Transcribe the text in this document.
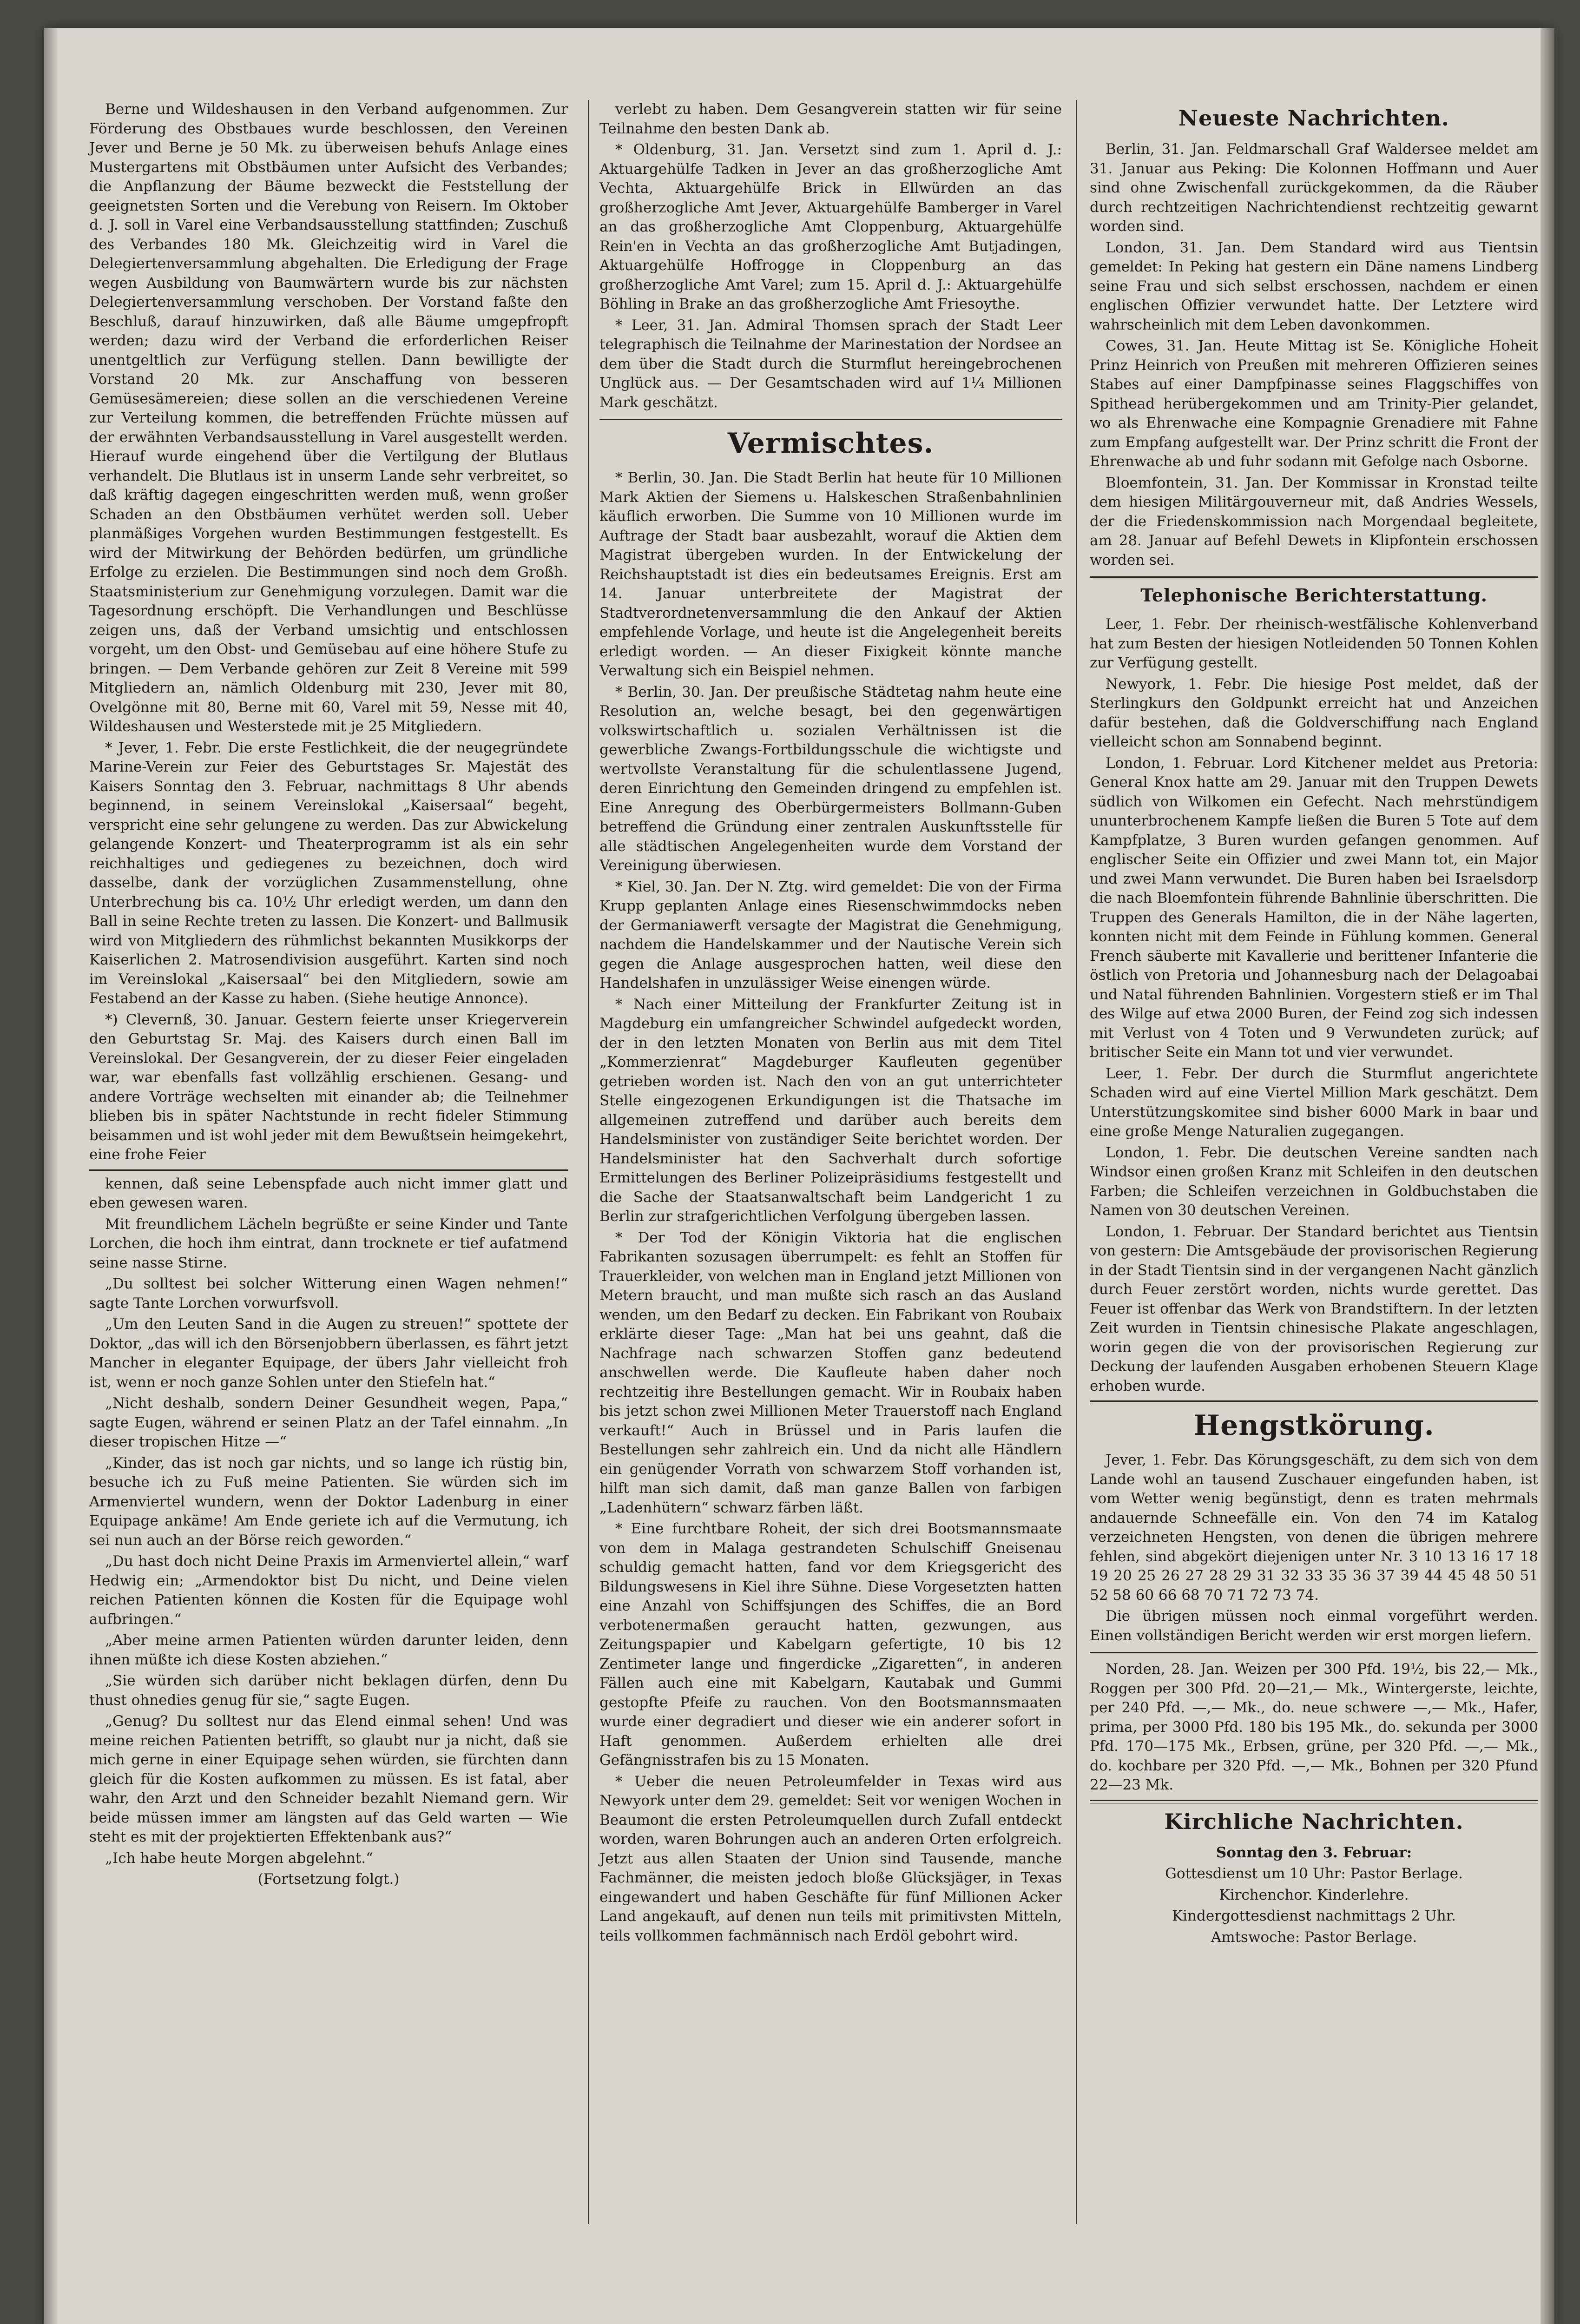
Berne und Wildeshausen in den Verband aufgenommen. Zur Förderung des Obstbaues wurde beschlossen, den Vereinen Jever und Berne je 50 Mk. zu überweisen behufs Anlage eines Mustergartens mit Obstbäumen unter Aufsicht des Verbandes; die Anpflanzung der Bäume bezweckt die Feststellung der geeignetsten Sorten und die Verebung von Reisern. Im Oktober d. J. soll in Varel eine Verbandsausstellung stattfinden; Zuschuß des Verbandes 180 Mk. Gleichzeitig wird in Varel die Delegiertenversammlung abgehalten. Die Erledigung der Frage wegen Ausbildung von Baumwärtern wurde bis zur nächsten Delegiertenversammlung verschoben. Der Vorstand faßte den Beschluß, darauf hinzuwirken, daß alle Bäume umgepfropft werden; dazu wird der Verband die erforderlichen Reiser unentgeltlich zur Verfügung stellen. Dann bewilligte der Vorstand 20 Mk. zur Anschaffung von besseren Gemüsesämereien; diese sollen an die verschiedenen Vereine zur Verteilung kommen, die betreffenden Früchte müssen auf der erwähnten Verbandsausstellung in Varel ausgestellt werden. Hierauf wurde eingehend über die Vertilgung der Blutlaus verhandelt. Die Blutlaus ist in unserm Lande sehr verbreitet, so daß kräftig dagegen eingeschritten werden muß, wenn großer Schaden an den Obstbäumen verhütet werden soll. Ueber planmäßiges Vorgehen wurden Bestimmungen festgestellt. Es wird der Mitwirkung der Behörden bedürfen, um gründliche Erfolge zu erzielen. Die Bestimmungen sind noch dem Großh. Staatsministerium zur Genehmigung vorzulegen. Damit war die Tagesordnung erschöpft. Die Verhandlungen und Beschlüsse zeigen uns, daß der Verband umsichtig und entschlossen vorgeht, um den Obst- und Gemüsebau auf eine höhere Stufe zu bringen. — Dem Verbande gehören zur Zeit 8 Vereine mit 599 Mitgliedern an, nämlich Oldenburg mit 230, Jever mit 80, Ovelgönne mit 80, Berne mit 60, Varel mit 59, Nesse mit 40, Wildeshausen und Westerstede mit je 25 Mitgliedern.

* Jever, 1. Febr. Die erste Festlichkeit, die der neugegründete Marine-Verein zur Feier des Geburtstages Sr. Majestät des Kaisers Sonntag den 3. Februar, nachmittags 8 Uhr abends beginnend, in seinem Vereinslokal „Kaisersaal“ begeht, verspricht eine sehr gelungene zu werden. Das zur Abwickelung gelangende Konzert- und Theaterprogramm ist als ein sehr reichhaltiges und gediegenes zu bezeichnen, doch wird dasselbe, dank der vorzüglichen Zusammenstellung, ohne Unterbrechung bis ca. 10½ Uhr erledigt werden, um dann den Ball in seine Rechte treten zu lassen. Die Konzert- und Ballmusik wird von Mitgliedern des rühmlichst bekannten Musikkorps der Kaiserlichen 2. Matrosendivision ausgeführt. Karten sind noch im Vereinslokal „Kaisersaal“ bei den Mitgliedern, sowie am Festabend an der Kasse zu haben. (Siehe heutige Annonce).

*) Clevernß, 30. Januar. Gestern feierte unser Kriegerverein den Geburtstag Sr. Maj. des Kaisers durch einen Ball im Vereinslokal. Der Gesangverein, der zu dieser Feier eingeladen war, war ebenfalls fast vollzählig erschienen. Gesang- und andere Vorträge wechselten mit einander ab; die Teilnehmer blieben bis in später Nachtstunde in recht fideler Stimmung beisammen und ist wohl jeder mit dem Bewußtsein heimgekehrt, eine frohe Feier

kennen, daß seine Lebenspfade auch nicht immer glatt und eben gewesen waren.

Mit freundlichem Lächeln begrüßte er seine Kinder und Tante Lorchen, die hoch ihm eintrat, dann trocknete er tief aufatmend seine nasse Stirne.

„Du solltest bei solcher Witterung einen Wagen nehmen!“ sagte Tante Lorchen vorwurfsvoll.

„Um den Leuten Sand in die Augen zu streuen!“ spottete der Doktor, „das will ich den Börsenjobbern überlassen, es fährt jetzt Mancher in eleganter Equipage, der übers Jahr vielleicht froh ist, wenn er noch ganze Sohlen unter den Stiefeln hat.“

„Nicht deshalb, sondern Deiner Gesundheit wegen, Papa,“ sagte Eugen, während er seinen Platz an der Tafel einnahm. „In dieser tropischen Hitze —“

„Kinder, das ist noch gar nichts, und so lange ich rüstig bin, besuche ich zu Fuß meine Patienten. Sie würden sich im Armenviertel wundern, wenn der Doktor Ladenburg in einer Equipage ankäme! Am Ende geriete ich auf die Vermutung, ich sei nun auch an der Börse reich geworden.“

„Du hast doch nicht Deine Praxis im Armenviertel allein,“ warf Hedwig ein; „Armendoktor bist Du nicht, und Deine vielen reichen Patienten können die Kosten für die Equipage wohl aufbringen.“

„Aber meine armen Patienten würden darunter leiden, denn ihnen müßte ich diese Kosten abziehen.“

„Sie würden sich darüber nicht beklagen dürfen, denn Du thust ohnedies genug für sie,“ sagte Eugen.

„Genug? Du solltest nur das Elend einmal sehen! Und was meine reichen Patienten betrifft, so glaubt nur ja nicht, daß sie mich gerne in einer Equipage sehen würden, sie fürchten dann gleich für die Kosten aufkommen zu müssen. Es ist fatal, aber wahr, den Arzt und den Schneider bezahlt Niemand gern. Wir beide müssen immer am längsten auf das Geld warten — Wie steht es mit der projektierten Effektenbank aus?“

„Ich habe heute Morgen abgelehnt.“

(Fortsetzung folgt.)

verlebt zu haben. Dem Gesangverein statten wir für seine Teilnahme den besten Dank ab.

* Oldenburg, 31. Jan. Versetzt sind zum 1. April d. J.: Aktuargehülfe Tadken in Jever an das großherzogliche Amt Vechta, Aktuargehülfe Brick in Ellwürden an das großherzogliche Amt Jever, Aktuargehülfe Bamberger in Varel an das großherzogliche Amt Cloppenburg, Aktuargehülfe Rein'en in Vechta an das großherzogliche Amt Butjadingen, Aktuargehülfe Hoffrogge in Cloppenburg an das großherzogliche Amt Varel; zum 15. April d. J.: Aktuargehülfe Böhling in Brake an das großherzogliche Amt Friesoythe.

* Leer, 31. Jan. Admiral Thomsen sprach der Stadt Leer telegraphisch die Teilnahme der Marinestation der Nordsee an dem über die Stadt durch die Sturmflut hereingebrochenen Unglück aus. — Der Gesamtschaden wird auf 1¼ Millionen Mark geschätzt.

Vermischtes.

* Berlin, 30. Jan. Die Stadt Berlin hat heute für 10 Millionen Mark Aktien der Siemens u. Halskeschen Straßenbahnlinien käuflich erworben. Die Summe von 10 Millionen wurde im Auftrage der Stadt baar ausbezahlt, worauf die Aktien dem Magistrat übergeben wurden. In der Entwickelung der Reichshauptstadt ist dies ein bedeutsames Ereignis. Erst am 14. Januar unterbreitete der Magistrat der Stadtverordnetenversammlung die den Ankauf der Aktien empfehlende Vorlage, und heute ist die Angelegenheit bereits erledigt worden. — An dieser Fixigkeit könnte manche Verwaltung sich ein Beispiel nehmen.

* Berlin, 30. Jan. Der preußische Städtetag nahm heute eine Resolution an, welche besagt, bei den gegenwärtigen volkswirtschaftlich u. sozialen Verhältnissen ist die gewerbliche Zwangs-Fortbildungsschule die wichtigste und wertvollste Veranstaltung für die schulentlassene Jugend, deren Einrichtung den Gemeinden dringend zu empfehlen ist. Eine Anregung des Oberbürgermeisters Bollmann-Guben betreffend die Gründung einer zentralen Auskunftsstelle für alle städtischen Angelegenheiten wurde dem Vorstand der Vereinigung überwiesen.

* Kiel, 30. Jan. Der N. Ztg. wird gemeldet: Die von der Firma Krupp geplanten Anlage eines Riesenschwimmdocks neben der Germaniawerft versagte der Magistrat die Genehmigung, nachdem die Handelskammer und der Nautische Verein sich gegen die Anlage ausgesprochen hatten, weil diese den Handelshafen in unzulässiger Weise einengen würde.

* Nach einer Mitteilung der Frankfurter Zeitung ist in Magdeburg ein umfangreicher Schwindel aufgedeckt worden, der in den letzten Monaten von Berlin aus mit dem Titel „Kommerzienrat“ Magdeburger Kaufleuten gegenüber getrieben worden ist. Nach den von an gut unterrichteter Stelle eingezogenen Erkundigungen ist die Thatsache im allgemeinen zutreffend und darüber auch bereits dem Handelsminister von zuständiger Seite berichtet worden. Der Handelsminister hat den Sachverhalt durch sofortige Ermittelungen des Berliner Polizeipräsidiums festgestellt und die Sache der Staatsanwaltschaft beim Landgericht 1 zu Berlin zur strafgerichtlichen Verfolgung übergeben lassen.

* Der Tod der Königin Viktoria hat die englischen Fabrikanten sozusagen überrumpelt: es fehlt an Stoffen für Trauerkleider, von welchen man in England jetzt Millionen von Metern braucht, und man mußte sich rasch an das Ausland wenden, um den Bedarf zu decken. Ein Fabrikant von Roubaix erklärte dieser Tage: „Man hat bei uns geahnt, daß die Nachfrage nach schwarzen Stoffen ganz bedeutend anschwellen werde. Die Kaufleute haben daher noch rechtzeitig ihre Bestellungen gemacht. Wir in Roubaix haben bis jetzt schon zwei Millionen Meter Trauerstoff nach England verkauft!“ Auch in Brüssel und in Paris laufen die Bestellungen sehr zahlreich ein. Und da nicht alle Händlern ein genügender Vorrath von schwarzem Stoff vorhanden ist, hilft man sich damit, daß man ganze Ballen von farbigen „Ladenhütern“ schwarz färben läßt.

* Eine furchtbare Roheit, der sich drei Bootsmannsmaate von dem in Malaga gestrandeten Schulschiff Gneisenau schuldig gemacht hatten, fand vor dem Kriegsgericht des Bildungswesens in Kiel ihre Sühne. Diese Vorgesetzten hatten eine Anzahl von Schiffsjungen des Schiffes, die an Bord verbotenermaßen geraucht hatten, gezwungen, aus Zeitungspapier und Kabelgarn gefertigte, 10 bis 12 Zentimeter lange und fingerdicke „Zigaretten“, in anderen Fällen auch eine mit Kabelgarn, Kautabak und Gummi gestopfte Pfeife zu rauchen. Von den Bootsmannsmaaten wurde einer degradiert und dieser wie ein anderer sofort in Haft genommen. Außerdem erhielten alle drei Gefängnisstrafen bis zu 15 Monaten.

* Ueber die neuen Petroleumfelder in Texas wird aus Newyork unter dem 29. gemeldet: Seit vor wenigen Wochen in Beaumont die ersten Petroleumquellen durch Zufall entdeckt worden, waren Bohrungen auch an anderen Orten erfolgreich. Jetzt aus allen Staaten der Union sind Tausende, manche Fachmänner, die meisten jedoch bloße Glücksjäger, in Texas eingewandert und haben Geschäfte für fünf Millionen Acker Land angekauft, auf denen nun teils mit primitivsten Mitteln, teils vollkommen fachmännisch nach Erdöl gebohrt wird.

Neueste Nachrichten.

Berlin, 31. Jan. Feldmarschall Graf Waldersee meldet am 31. Januar aus Peking: Die Kolonnen Hoffmann und Auer sind ohne Zwischenfall zurückgekommen, da die Räuber durch rechtzeitigen Nachrichtendienst rechtzeitig gewarnt worden sind.

London, 31. Jan. Dem Standard wird aus Tientsin gemeldet: In Peking hat gestern ein Däne namens Lindberg seine Frau und sich selbst erschossen, nachdem er einen englischen Offizier verwundet hatte. Der Letztere wird wahrscheinlich mit dem Leben davonkommen.

Cowes, 31. Jan. Heute Mittag ist Se. Königliche Hoheit Prinz Heinrich von Preußen mit mehreren Offizieren seines Stabes auf einer Dampfpinasse seines Flaggschiffes von Spithead herübergekommen und am Trinity-Pier gelandet, wo als Ehrenwache eine Kompagnie Grenadiere mit Fahne zum Empfang aufgestellt war. Der Prinz schritt die Front der Ehrenwache ab und fuhr sodann mit Gefolge nach Osborne.

Bloemfontein, 31. Jan. Der Kommissar in Kronstad teilte dem hiesigen Militärgouverneur mit, daß Andries Wessels, der die Friedenskommission nach Morgendaal begleitete, am 28. Januar auf Befehl Dewets in Klipfontein erschossen worden sei.

Telephonische Berichterstattung.

Leer, 1. Febr. Der rheinisch-westfälische Kohlenverband hat zum Besten der hiesigen Notleidenden 50 Tonnen Kohlen zur Verfügung gestellt.

Newyork, 1. Febr. Die hiesige Post meldet, daß der Sterlingkurs den Goldpunkt erreicht hat und Anzeichen dafür bestehen, daß die Goldverschiffung nach England vielleicht schon am Sonnabend beginnt.

London, 1. Februar. Lord Kitchener meldet aus Pretoria: General Knox hatte am 29. Januar mit den Truppen Dewets südlich von Wilkomen ein Gefecht. Nach mehrstündigem ununterbrochenem Kampfe ließen die Buren 5 Tote auf dem Kampfplatze, 3 Buren wurden gefangen genommen. Auf englischer Seite ein Offizier und zwei Mann tot, ein Major und zwei Mann verwundet. Die Buren haben bei Israelsdorp die nach Bloemfontein führende Bahnlinie überschritten. Die Truppen des Generals Hamilton, die in der Nähe lagerten, konnten nicht mit dem Feinde in Fühlung kommen. General French säuberte mit Kavallerie und berittener Infanterie die östlich von Pretoria und Johannesburg nach der Delagoabai und Natal führenden Bahnlinien. Vorgestern stieß er im Thal des Wilge auf etwa 2000 Buren, der Feind zog sich indessen mit Verlust von 4 Toten und 9 Verwundeten zurück; auf britischer Seite ein Mann tot und vier verwundet.

Leer, 1. Febr. Der durch die Sturmflut angerichtete Schaden wird auf eine Viertel Million Mark geschätzt. Dem Unterstützungskomitee sind bisher 6000 Mark in baar und eine große Menge Naturalien zugegangen.

London, 1. Febr. Die deutschen Vereine sandten nach Windsor einen großen Kranz mit Schleifen in den deutschen Farben; die Schleifen verzeichnen in Goldbuchstaben die Namen von 30 deutschen Vereinen.

London, 1. Februar. Der Standard berichtet aus Tientsin von gestern: Die Amtsgebäude der provisorischen Regierung in der Stadt Tientsin sind in der vergangenen Nacht gänzlich durch Feuer zerstört worden, nichts wurde gerettet. Das Feuer ist offenbar das Werk von Brandstiftern. In der letzten Zeit wurden in Tientsin chinesische Plakate angeschlagen, worin gegen die von der provisorischen Regierung zur Deckung der laufenden Ausgaben erhobenen Steuern Klage erhoben wurde.

Hengstkörung.

Jever, 1. Febr. Das Körungsgeschäft, zu dem sich von dem Lande wohl an tausend Zuschauer eingefunden haben, ist vom Wetter wenig begünstigt, denn es traten mehrmals andauernde Schneefälle ein. Von den 74 im Katalog verzeichneten Hengsten, von denen die übrigen mehrere fehlen, sind abgekört diejenigen unter Nr. 3 10 13 16 17 18 19 20 25 26 27 28 29 31 32 33 35 36 37 39 44 45 48 50 51 52 58 60 66 68 70 71 72 73 74.

Die übrigen müssen noch einmal vorgeführt werden. Einen vollständigen Bericht werden wir erst morgen liefern.

Norden, 28. Jan. Weizen per 300 Pfd. 19½, bis 22,— Mk., Roggen per 300 Pfd. 20—21,— Mk., Wintergerste, leichte, per 240 Pfd. —,— Mk., do. neue schwere —,— Mk., Hafer, prima, per 3000 Pfd. 180 bis 195 Mk., do. sekunda per 3000 Pfd. 170—175 Mk., Erbsen, grüne, per 320 Pfd. —,— Mk., do. kochbare per 320 Pfd. —,— Mk., Bohnen per 320 Pfund 22—23 Mk.

Kirchliche Nachrichten.

Sonntag den 3. Februar:

Gottesdienst um 10 Uhr: Pastor Berlage.

Kirchenchor. Kinderlehre.

Kindergottesdienst nachmittags 2 Uhr.

Amtswoche: Pastor Berlage.
